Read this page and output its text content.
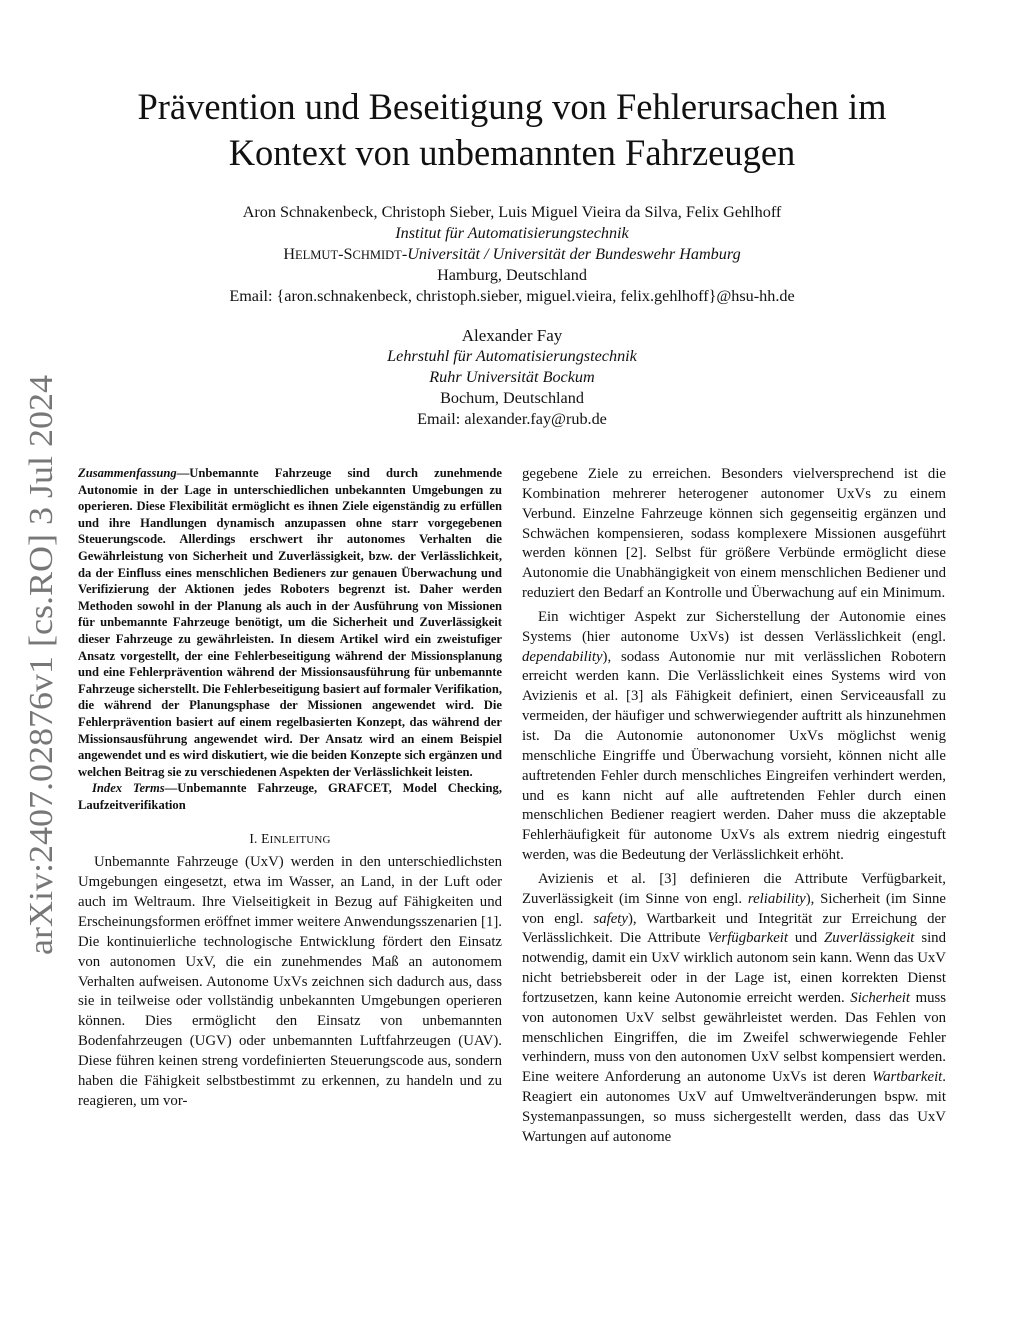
arXiv:2407.02876v1 [cs.RO] 3 Jul 2024
Prävention und Beseitigung von Fehlerursachen im
Kontext von unbemannten Fahrzeugen
Aron Schnakenbeck, Christoph Sieber, Luis Miguel Vieira da Silva, Felix Gehlhoff
Institut für Automatisierungstechnik
HELMUT-SCHMIDT-Universität / Universität der Bundeswehr Hamburg
Hamburg, Deutschland
Email: {aron.schnakenbeck, christoph.sieber, miguel.vieira, felix.gehlhoff}@hsu-hh.de
Alexander Fay
Lehrstuhl für Automatisierungstechnik
Ruhr Universität Bockum
Bochum, Deutschland
Email: alexander.fay@rub.de

Zusammenfassung—Unbemannte Fahrzeuge sind durch zunehmende Autonomie in der Lage in unterschiedlichen unbekannten Umgebungen zu operieren. Diese Flexibilität ermöglicht es ihnen Ziele eigenständig zu erfüllen und ihre Handlungen dynamisch anzupassen ohne starr vorgegebenen Steuerungscode. Allerdings erschwert ihr autonomes Verhalten die Gewährleistung von Sicherheit und Zuverlässigkeit, bzw. der Verlässlichkeit, da der Einfluss eines menschlichen Bedieners zur genauen Überwachung und Verifizierung der Aktionen jedes Roboters begrenzt ist. Daher werden Methoden sowohl in der Planung als auch in der Ausführung von Missionen für unbemannte Fahrzeuge benötigt, um die Sicherheit und Zuverlässigkeit dieser Fahrzeuge zu gewährleisten. In diesem Artikel wird ein zweistufiger Ansatz vorgestellt, der eine Fehlerbeseitigung während der Missionsplanung und eine Fehlerprävention während der Missionsausführung für unbemannte Fahrzeuge sicherstellt. Die Fehlerbeseitigung basiert auf formaler Verifikation, die während der Planungsphase der Missionen angewendet wird. Die Fehlerprävention basiert auf einem regelbasierten Konzept, das während der Missionsausführung angewendet wird. Der Ansatz wird an einem Beispiel angewendet und es wird diskutiert, wie die beiden Konzepte sich ergänzen und welchen Beitrag sie zu verschiedenen Aspekten der Verlässlichkeit leisten.

Index Terms—Unbemannte Fahrzeuge, GRAFCET, Model Checking, Laufzeitverifikation

I. EINLEITUNG

Unbemannte Fahrzeuge (UxV) werden in den unterschiedlichsten Umgebungen eingesetzt, etwa im Wasser, an Land, in der Luft oder auch im Weltraum. Ihre Vielseitigkeit in Bezug auf Fähigkeiten und Erscheinungsformen eröffnet immer weitere Anwendungsszenarien [1]. Die kontinuierliche technologische Entwicklung fördert den Einsatz von autonomen UxV, die ein zunehmendes Maß an autonomem Verhalten aufweisen. Autonome UxVs zeichnen sich dadurch aus, dass sie in teilweise oder vollständig unbekannten Umgebungen operieren können. Dies ermöglicht den Einsatz von unbemannten Bodenfahrzeugen (UGV) oder unbemannten Luftfahrzeugen (UAV). Diese führen keinen streng vordefinierten Steuerungscode aus, sondern haben die Fähigkeit selbstbestimmt zu erkennen, zu handeln und zu reagieren, um vor-

gegebene Ziele zu erreichen. Besonders vielversprechend ist die Kombination mehrerer heterogener autonomer UxVs zu einem Verbund. Einzelne Fahrzeuge können sich gegenseitig ergänzen und Schwächen kompensieren, sodass komplexere Missionen ausgeführt werden können [2]. Selbst für größere Verbünde ermöglicht diese Autonomie die Unabhängigkeit von einem menschlichen Bediener und reduziert den Bedarf an Kontrolle und Überwachung auf ein Minimum.

Ein wichtiger Aspekt zur Sicherstellung der Autonomie eines Systems (hier autonome UxVs) ist dessen Verlässlichkeit (engl. dependability), sodass Autonomie nur mit verlässlichen Robotern erreicht werden kann. Die Verlässlichkeit eines Systems wird von Avizienis et al. [3] als Fähigkeit definiert, einen Serviceausfall zu vermeiden, der häufiger und schwerwiegender auftritt als hinzunehmen ist. Da die Autonomie autononomer UxVs möglichst wenig menschliche Eingriffe und Überwachung vorsieht, können nicht alle auftretenden Fehler durch menschliches Eingreifen verhindert werden, und es kann nicht auf alle auftretenden Fehler durch einen menschlichen Bediener reagiert werden. Daher muss die akzeptable Fehlerhäufigkeit für autonome UxVs als extrem niedrig eingestuft werden, was die Bedeutung der Verlässlichkeit erhöht.

Avizienis et al. [3] definieren die Attribute Verfügbarkeit, Zuverlässigkeit (im Sinne von engl. reliability), Sicherheit (im Sinne von engl. safety), Wartbarkeit und Integrität zur Erreichung der Verlässlichkeit. Die Attribute Verfügbarkeit und Zuverlässigkeit sind notwendig, damit ein UxV wirklich autonom sein kann. Wenn das UxV nicht betriebsbereit oder in der Lage ist, einen korrekten Dienst fortzusetzen, kann keine Autonomie erreicht werden. Sicherheit muss von autonomen UxV selbst gewährleistet werden. Das Fehlen von menschlichen Eingriffen, die im Zweifel schwerwiegende Fehler verhindern, muss von den autonomen UxV selbst kompensiert werden. Eine weitere Anforderung an autonome UxVs ist deren Wartbarkeit. Reagiert ein autonomes UxV auf Umweltveränderungen bspw. mit Systemanpassungen, so muss sichergestellt werden, dass das UxV Wartungen auf autonome
